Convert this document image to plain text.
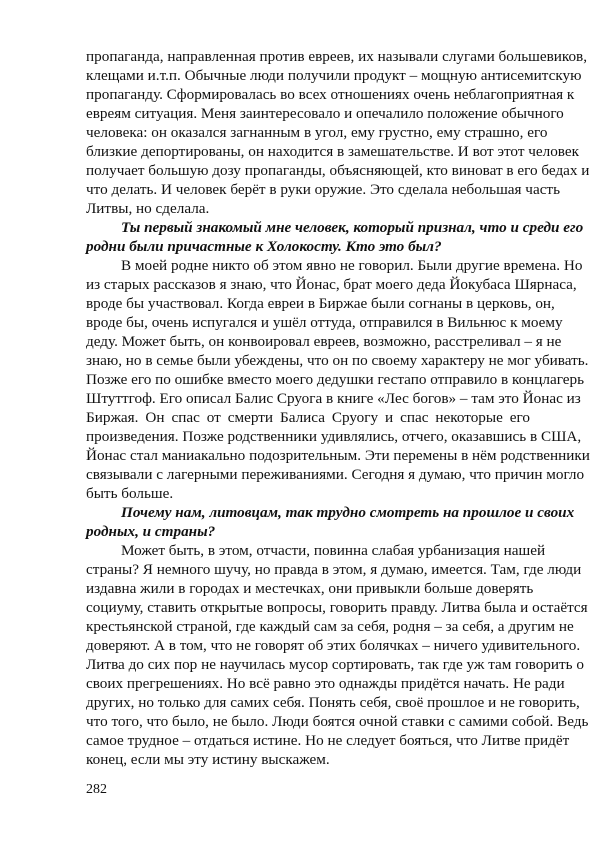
пропаганда, направленная против евреев, их называли слугами большевиков,
клещами и.т.п. Обычные люди получили продукт – мощную антисемитскую
пропаганду. Сформировалась во всех отношениях очень неблагоприятная к
евреям ситуация. Меня заинтересовало и опечалило положение обычного
человека: он оказался загнанным в угол, ему грустно, ему страшно, его
близкие депортированы, он находится в замешательстве. И вот этот человек
получает большую дозу пропаганды, объясняющей, кто виноват в его бедах и
что делать. И человек берёт в руки оружие. Это сделала небольшая часть
Литвы, но сделала.
Ты первый знакомый мне человек, который признал, что и среди его
родни были причастные к Холокосту. Кто это был?
В моей родне никто об этом явно не говорил. Были другие времена. Но
из старых рассказов я знаю, что Йонас, брат моего деда Йокубаса Шярнаса,
вроде бы участвовал. Когда евреи в Биржае были согнаны в церковь, он,
вроде бы, очень испугался и ушёл оттуда, отправился в Вильнюс к моему
деду. Может быть, он конвоировал евреев, возможно, расстреливал – я не
знаю, но в семье были убеждены, что он по своему характеру не мог убивать.
Позже его по ошибке вместо моего дедушки гестапо отправило в концлагерь
Штуттгоф. Его описал Балис Сруога в книге «Лес богов» – там это Йонас из
Биржая. Он спас от смерти Балиса Сруогу и спас некоторые его
произведения. Позже родственники удивлялись, отчего, оказавшись в США,
Йонас стал маниакально подозрительным. Эти перемены в нём родственники
связывали с лагерными переживаниями. Сегодня я думаю, что причин могло
быть больше.
Почему нам, литовцам, так трудно смотреть на прошлое и своих
родных, и страны?
Может быть, в этом, отчасти, повинна слабая урбанизация нашей
страны? Я немного шучу, но правда в этом, я думаю, имеется. Там, где люди
издавна жили в городах и местечках, они привыкли больше доверять
социуму, ставить открытые вопросы, говорить правду. Литва была и остаётся
крестьянской страной, где каждый сам за себя, родня – за себя, а другим не
доверяют. А в том, что не говорят об этих болячках – ничего удивительного.
Литва до сих пор не научилась мусор сортировать, так где уж там говорить о
своих прегрешениях. Но всё равно это однажды придётся начать. Не ради
других, но только для самих себя. Понять себя, своё прошлое и не говорить,
что того, что было, не было. Люди боятся очной ставки с самими собой. Ведь
самое трудное – отдаться истине. Но не следует бояться, что Литве придёт
конец, если мы эту истину выскажем.
282
